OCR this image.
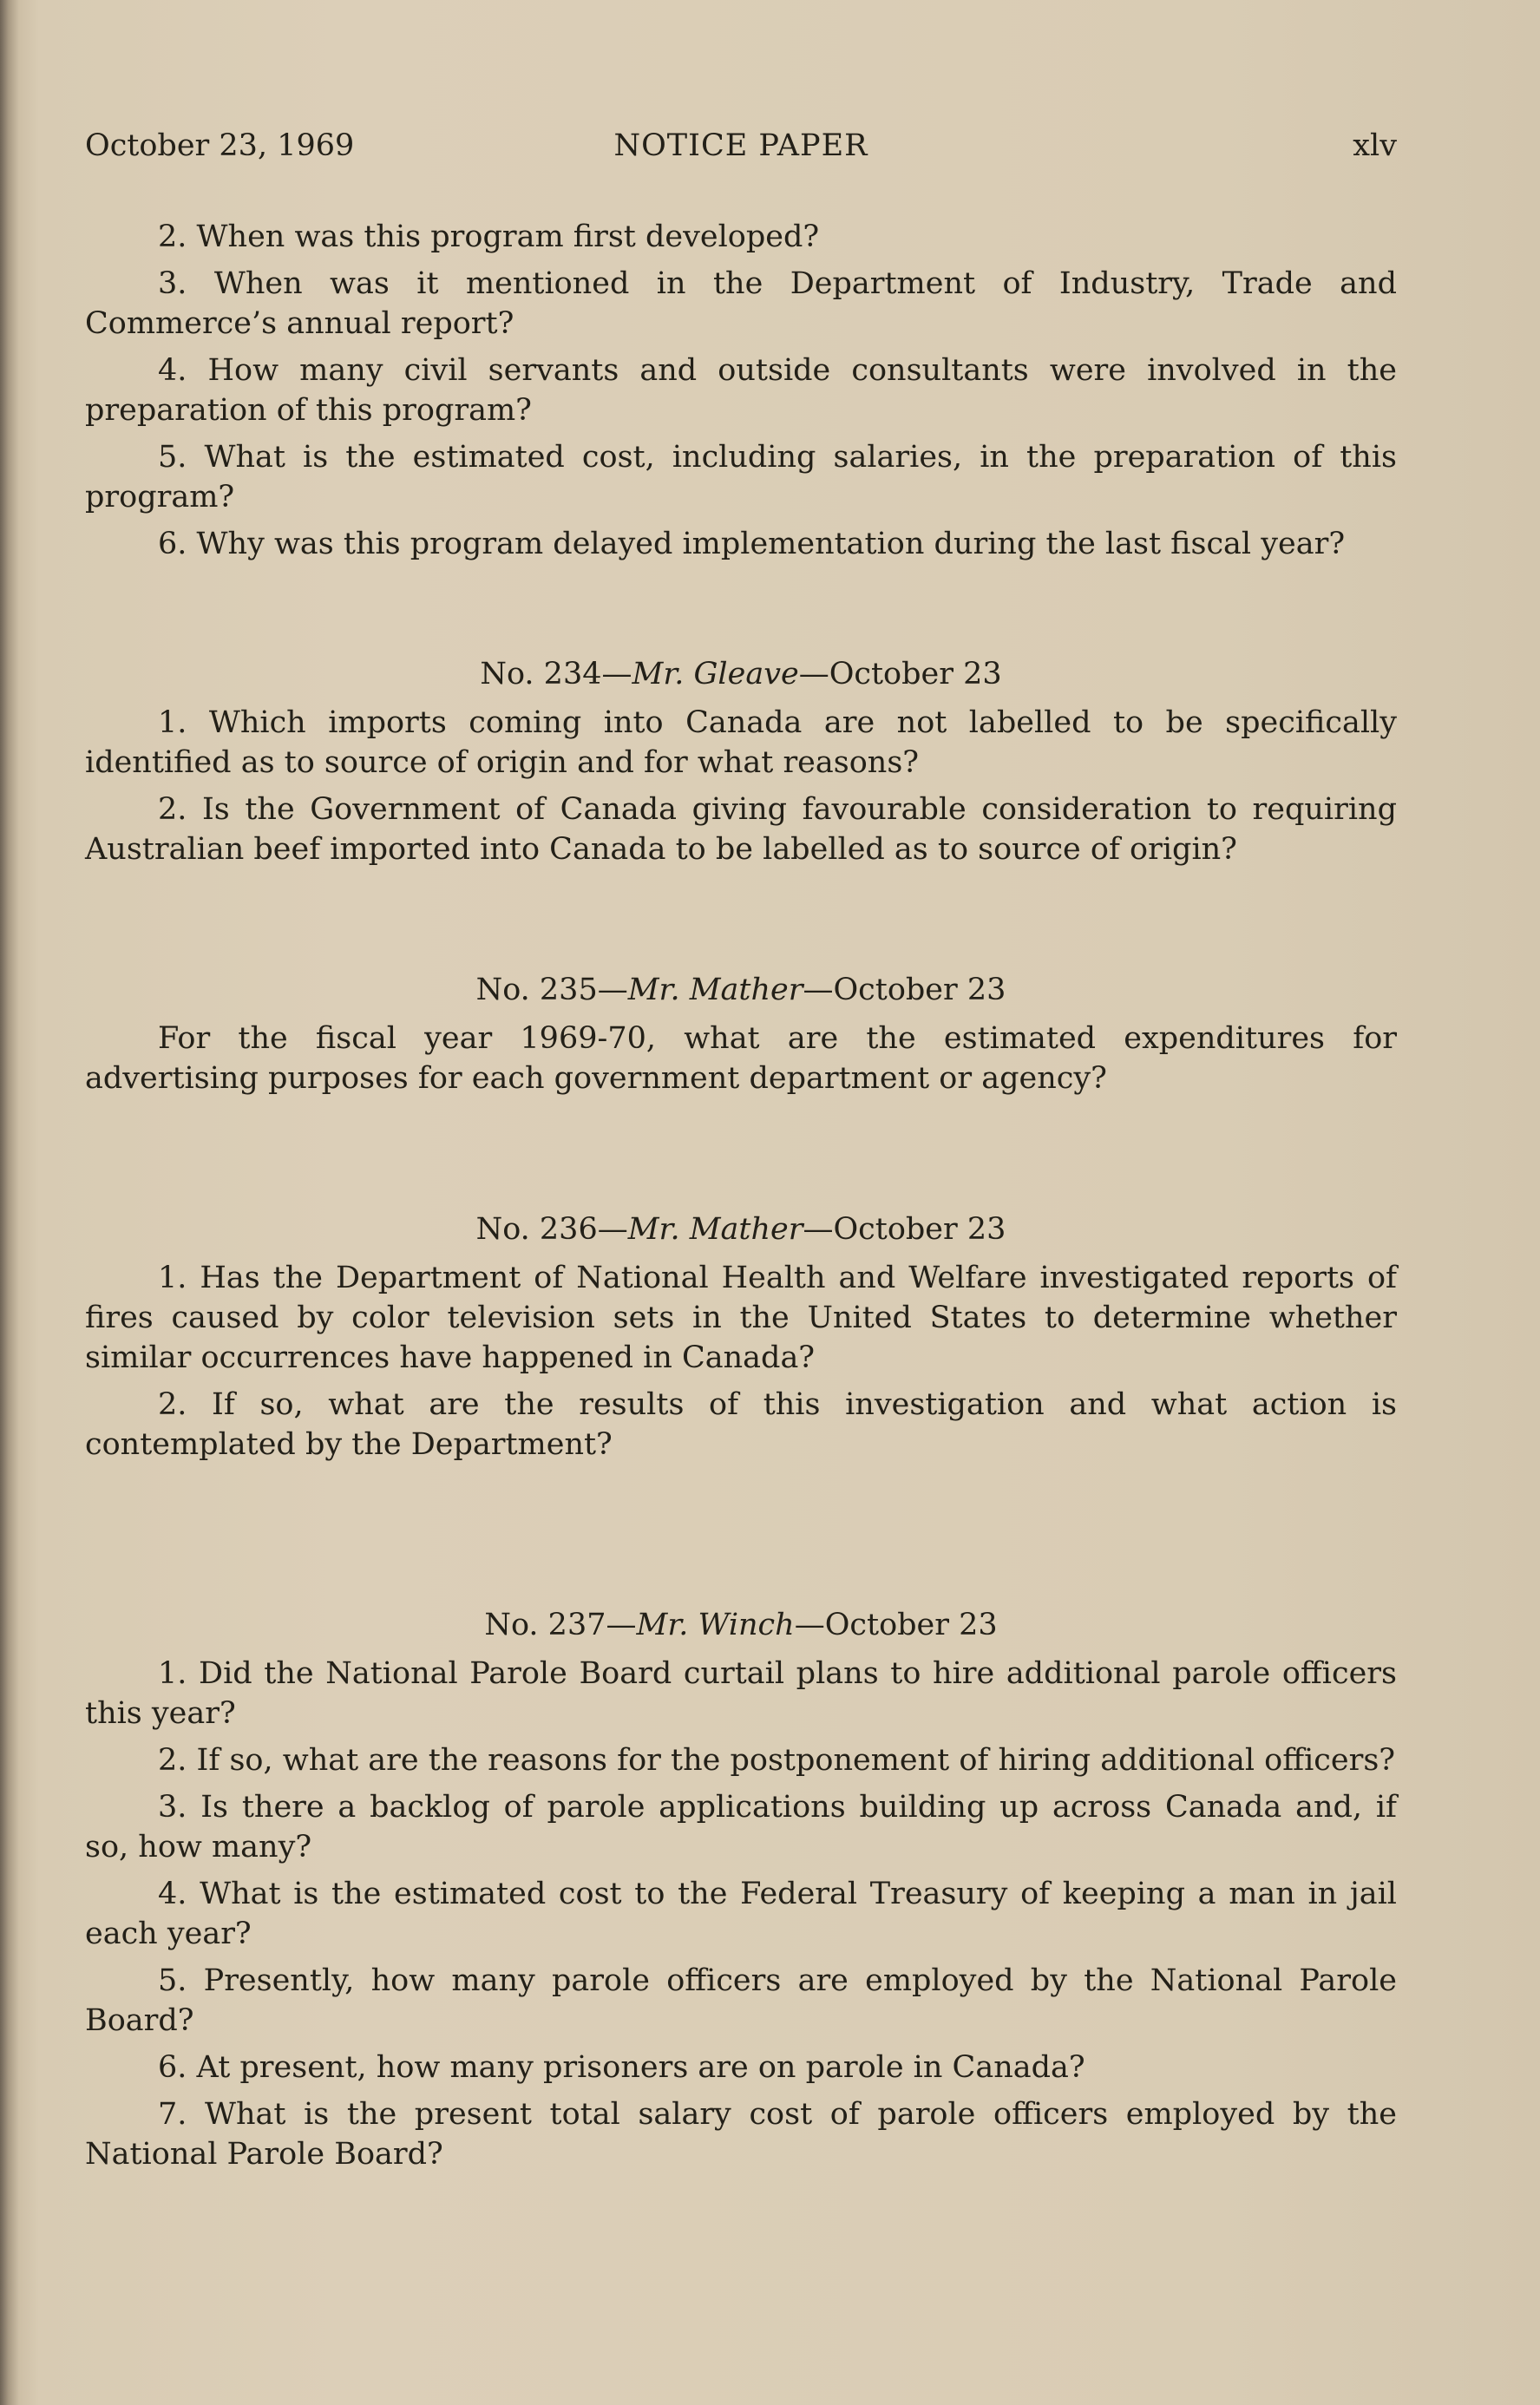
October 23, 1969	NOTICE PAPER	xlv

2. When was this program first developed?

3. When was it mentioned in the Department of Industry, Trade and Commerce’s annual report?

4. How many civil servants and outside consultants were involved in the preparation of this program?

5. What is the estimated cost, including salaries, in the preparation of this program?

6. Why was this program delayed implementation during the last fiscal year?

No. 234—Mr. Gleave—October 23

1. Which imports coming into Canada are not labelled to be specifically identified as to source of origin and for what reasons?

2. Is the Government of Canada giving favourable consideration to requiring Australian beef imported into Canada to be labelled as to source of origin?

No. 235—Mr. Mather—October 23

For the fiscal year 1969-70, what are the estimated expenditures for advertising purposes for each government department or agency?

No. 236—Mr. Mather—October 23

1. Has the Department of National Health and Welfare investigated reports of fires caused by color television sets in the United States to determine whether similar occurrences have happened in Canada?

2. If so, what are the results of this investigation and what action is contemplated by the Department?

No. 237—Mr. Winch—October 23

1. Did the National Parole Board curtail plans to hire additional parole officers this year?

2. If so, what are the reasons for the postponement of hiring additional officers?

3. Is there a backlog of parole applications building up across Canada and, if so, how many?

4. What is the estimated cost to the Federal Treasury of keeping a man in jail each year?

5. Presently, how many parole officers are employed by the National Parole Board?

6. At present, how many prisoners are on parole in Canada?

7. What is the present total salary cost of parole officers employed by the National Parole Board?
